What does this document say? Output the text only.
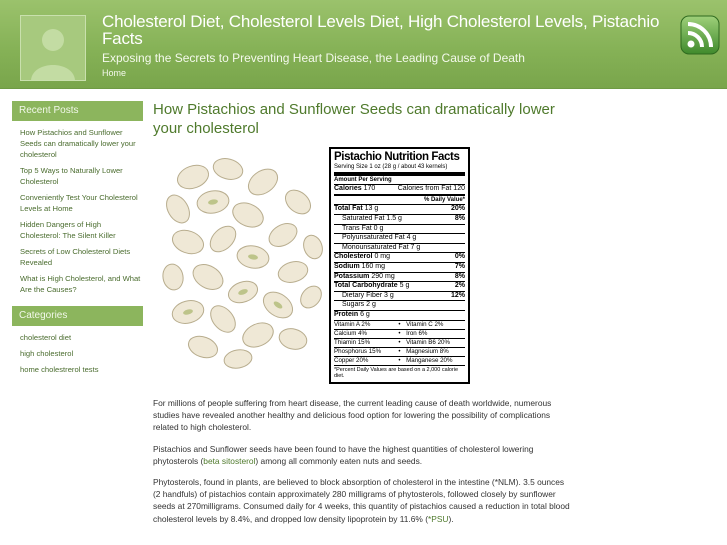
Cholesterol Diet, Cholesterol Levels Diet, High Cholesterol Levels, Pistachio Facts
Exposing the Secrets to Preventing Heart Disease, the Leading Cause of Death
Home
Recent Posts
How Pistachios and Sunflower Seeds can dramatically lower your cholesterol
Top 5 Ways to Naturally Lower Cholesterol
Conveniently Test Your Cholesterol Levels at Home
Hidden Dangers of High Cholesterol: The Silent Killer
Secrets of Low Cholesterol Diets Revealed
What is High Cholesterol, and What Are the Causes?
Categories
cholesterol diet
high cholesterol
home cholestrerol tests
How Pistachios and Sunflower Seeds can dramatically lower your cholesterol
Pistachio Nutrition Facts
Serving Size 1 oz (28 g / about 43 kernels)
Amount Per Serving
Calories 170	Calories from Fat 120
% Daily Value*
Total Fat 13 g	20%
Saturated Fat 1.5 g	8%
Trans Fat 0 g
Polyunsaturated Fat 4 g
Monounsaturated Fat 7 g
Cholesterol 0 mg	0%
Sodium 160 mg	7%
Potassium 290 mg	8%
Total Carbohydrate 5 g	2%
Dietary Fiber 3 g	12%
Sugars 2 g
Protein 6 g
Vitamin A 2%	• Vitamin C 2%
Calcium 4%	• Iron 6%
Thiamin 15%	• Vitamin B6 20%
Phosphorus 15%	• Magnesium 8%
Copper 20%	• Manganese 20%
*Percent Daily Values are based on a 2,000 calorie diet.

For millions of people suffering from heart disease, the current leading cause of death worldwide, numerous studies have revealed another healthy and delicious food option for lowering the possibility of complications related to high cholesterol.

Pistachios and Sunflower seeds have been found to have the highest quantities of cholesterol lowering phytosterols (beta sitosterol) among all commonly eaten nuts and seeds.

Phytosterols, found in plants, are believed to block absorption of cholesterol in the intestine (*NLM). 3.5 ounces (2 handfuls) of pistachios contain approximately 280 milligrams of phytosterols, followed closely by sunflower seeds at 270milligrams. Consumed daily for 4 weeks, this quantity of pistachios caused a reduction in total blood cholesterol levels by 8.4%, and dropped low density lipoprotein by 11.6% (*PSU).
